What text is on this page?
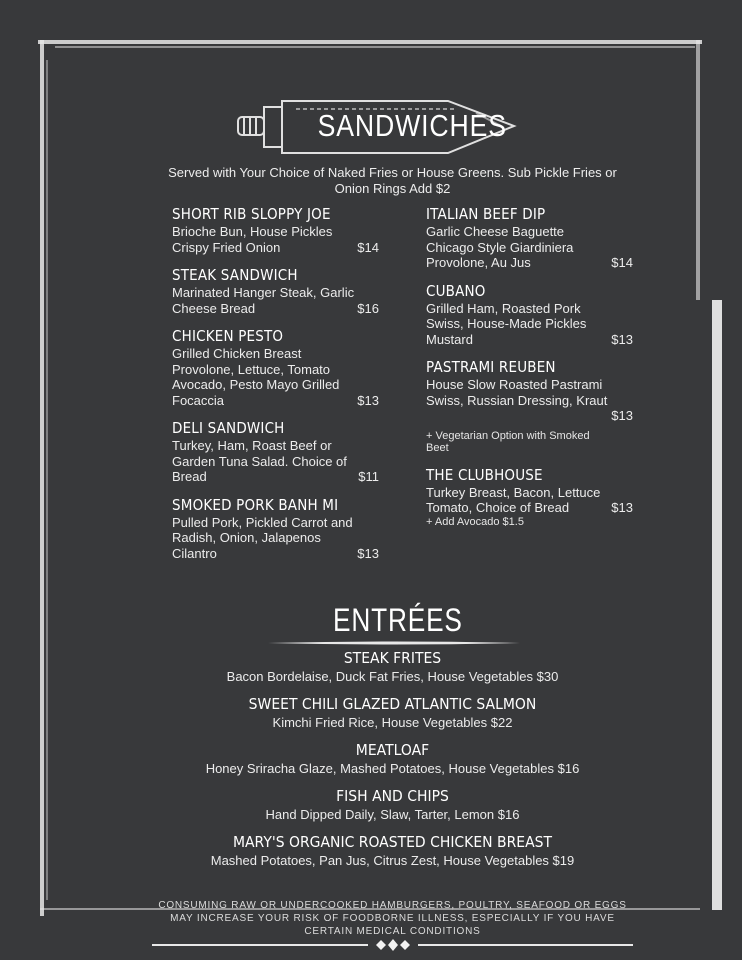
SANDWICHES
Served with Your Choice of Naked Fries or House Greens. Sub Pickle Fries or Onion Rings Add $2
SHORT RIB SLOPPY JOE
Brioche Bun, House Pickles
Crispy Fried Onion	$14
STEAK SANDWICH
Marinated Hanger Steak, Garlic
Cheese Bread	$16
CHICKEN PESTO
Grilled Chicken Breast
Provolone, Lettuce, Tomato
Avocado, Pesto Mayo Grilled
Focaccia	$13
DELI SANDWICH
Turkey, Ham, Roast Beef or
Garden Tuna Salad. Choice of
Bread	$11
SMOKED PORK BANH MI
Pulled Pork, Pickled Carrot and
Radish, Onion, Jalapenos
Cilantro	$13
ITALIAN BEEF DIP
Garlic Cheese Baguette
Chicago Style Giardiniera
Provolone, Au Jus	$14
CUBANO
Grilled Ham, Roasted Pork
Swiss, House-Made Pickles
Mustard	$13
PASTRAMI REUBEN
House Slow Roasted Pastrami
Swiss, Russian Dressing, Kraut
$13
+ Vegetarian Option with Smoked Beet
THE CLUBHOUSE
Turkey Breast, Bacon, Lettuce
Tomato, Choice of Bread	$13
+ Add Avocado $1.5
ENTRÉES
STEAK FRITES
Bacon Bordelaise, Duck Fat Fries, House Vegetables $30
SWEET CHILI GLAZED ATLANTIC SALMON
Kimchi Fried Rice, House Vegetables $22
MEATLOAF
Honey Sriracha Glaze, Mashed Potatoes, House Vegetables $16
FISH AND CHIPS
Hand Dipped Daily, Slaw, Tarter, Lemon $16
MARY'S ORGANIC ROASTED CHICKEN BREAST
Mashed Potatoes, Pan Jus, Citrus Zest, House Vegetables $19
CONSUMING RAW OR UNDERCOOKED HAMBURGERS, POULTRY, SEAFOOD OR EGGS
MAY INCREASE YOUR RISK OF FOODBORNE ILLNESS, ESPECIALLY IF YOU HAVE
CERTAIN MEDICAL CONDITIONS
